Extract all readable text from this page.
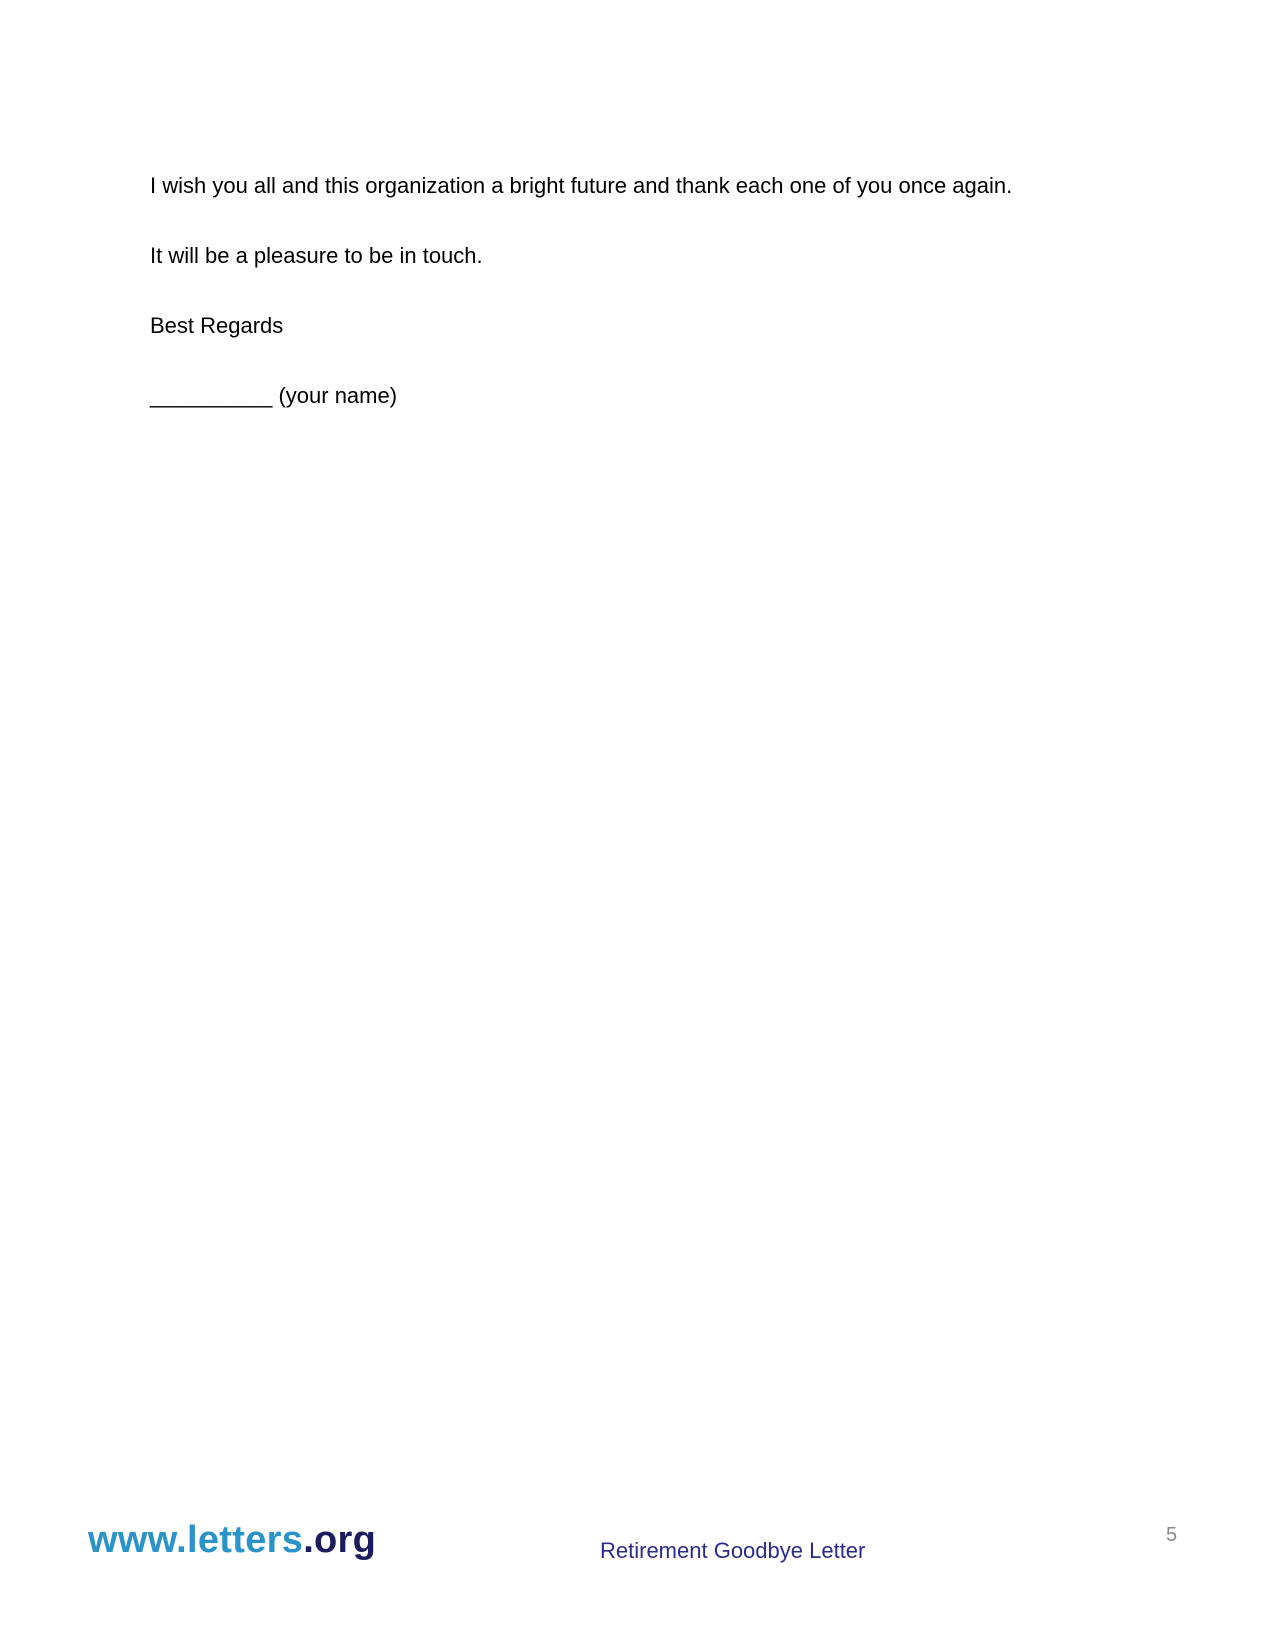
I wish you all and this organization a bright future and thank each one of you once again.

It will be a pleasure to be in touch.

Best Regards

__________ (your name)

www.letters.org	Retirement Goodbye Letter
5
